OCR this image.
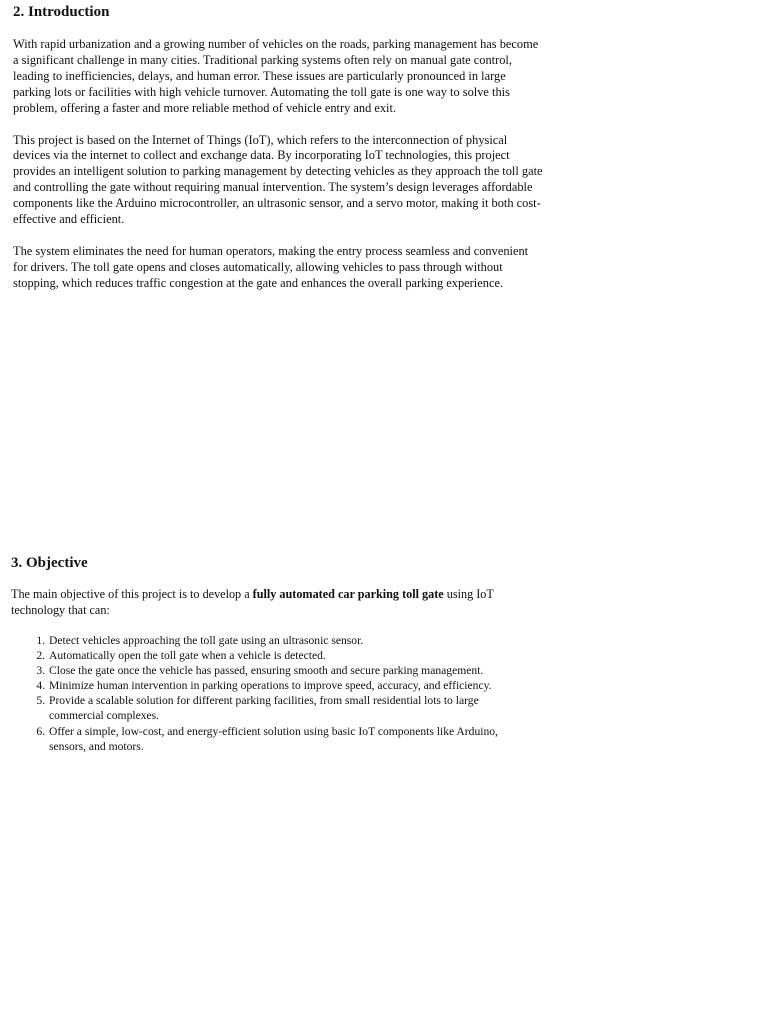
2. Introduction

With rapid urbanization and a growing number of vehicles on the roads, parking management has become a significant challenge in many cities. Traditional parking systems often rely on manual gate control, leading to inefficiencies, delays, and human error. These issues are particularly pronounced in large parking lots or facilities with high vehicle turnover. Automating the toll gate is one way to solve this problem, offering a faster and more reliable method of vehicle entry and exit.

This project is based on the Internet of Things (IoT), which refers to the interconnection of physical devices via the internet to collect and exchange data. By incorporating IoT technologies, this project provides an intelligent solution to parking management by detecting vehicles as they approach the toll gate and controlling the gate without requiring manual intervention. The system’s design leverages affordable components like the Arduino microcontroller, an ultrasonic sensor, and a servo motor, making it both cost-effective and efficient.

The system eliminates the need for human operators, making the entry process seamless and convenient for drivers. The toll gate opens and closes automatically, allowing vehicles to pass through without stopping, which reduces traffic congestion at the gate and enhances the overall parking experience.

3. Objective

The main objective of this project is to develop a fully automated car parking toll gate using IoT technology that can:

1. Detect vehicles approaching the toll gate using an ultrasonic sensor.
2. Automatically open the toll gate when a vehicle is detected.
3. Close the gate once the vehicle has passed, ensuring smooth and secure parking management.
4. Minimize human intervention in parking operations to improve speed, accuracy, and efficiency.
5. Provide a scalable solution for different parking facilities, from small residential lots to large commercial complexes.
6. Offer a simple, low-cost, and energy-efficient solution using basic IoT components like Arduino, sensors, and motors.
